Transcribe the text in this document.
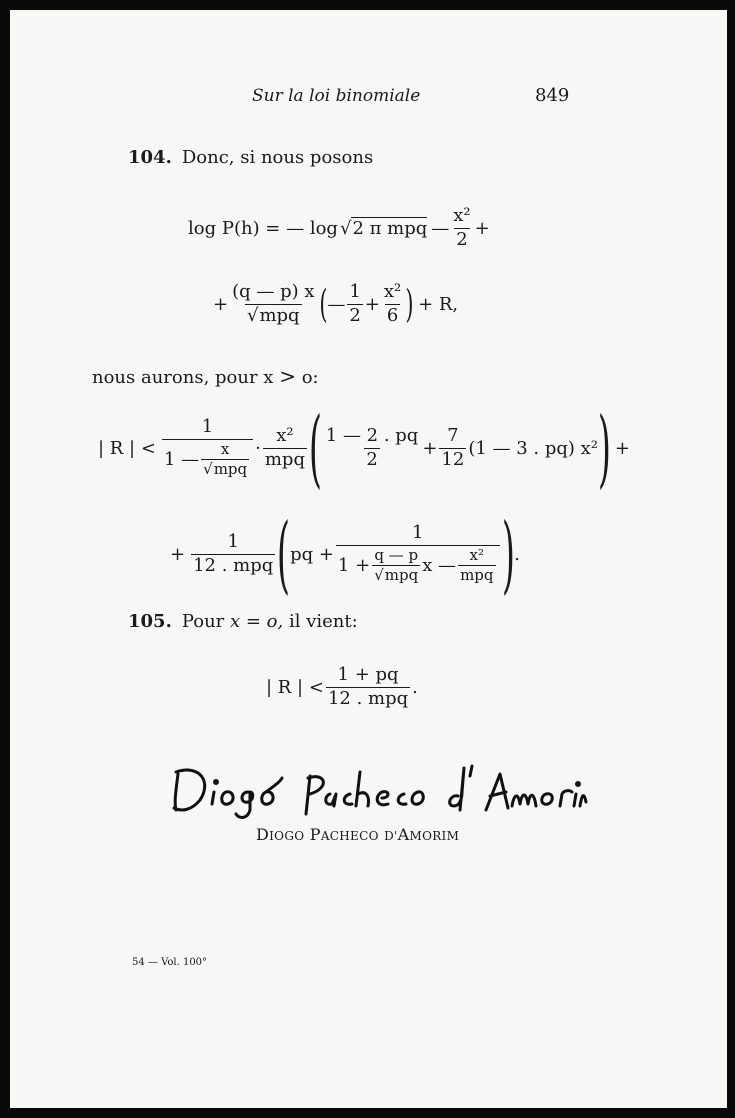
Sur la loi binomiale	849
104. Donc, si nous posons
log P(h) = — log √ 2 π mpq — $\frac{\text{x²}}{2}$ +
+ $\frac{(q — p) x}{\text{√mpq}}$ ( — $\frac{1}{2} + \frac{\text{x²}}{6}$ ) + R,
nous aurons, pour x > o:
| R | < $\frac{1}{1 — \frac{x}{\text{√mpq}}} \cdot \frac{\text{x²}}{\text{mpq}}$ ( $\frac{1 — 2 . pq}{2} + \frac{7}{12} (1$ — 3 . pq) x² ) +
+ $\frac{1}{\text{12 . mpq}}$ ( pq +
1
$1 + \frac{q — p}{\text{√mpq}}$ x — $\frac{\text{x²}}{\text{mpq}}$ ) .
105. Pour x = o, il vient:
| R | < $\frac{1 + pq}{\text{12 . mpq}}$ .
DIOGO PACHECO D'AMORIM
54 — Vol. 100°
